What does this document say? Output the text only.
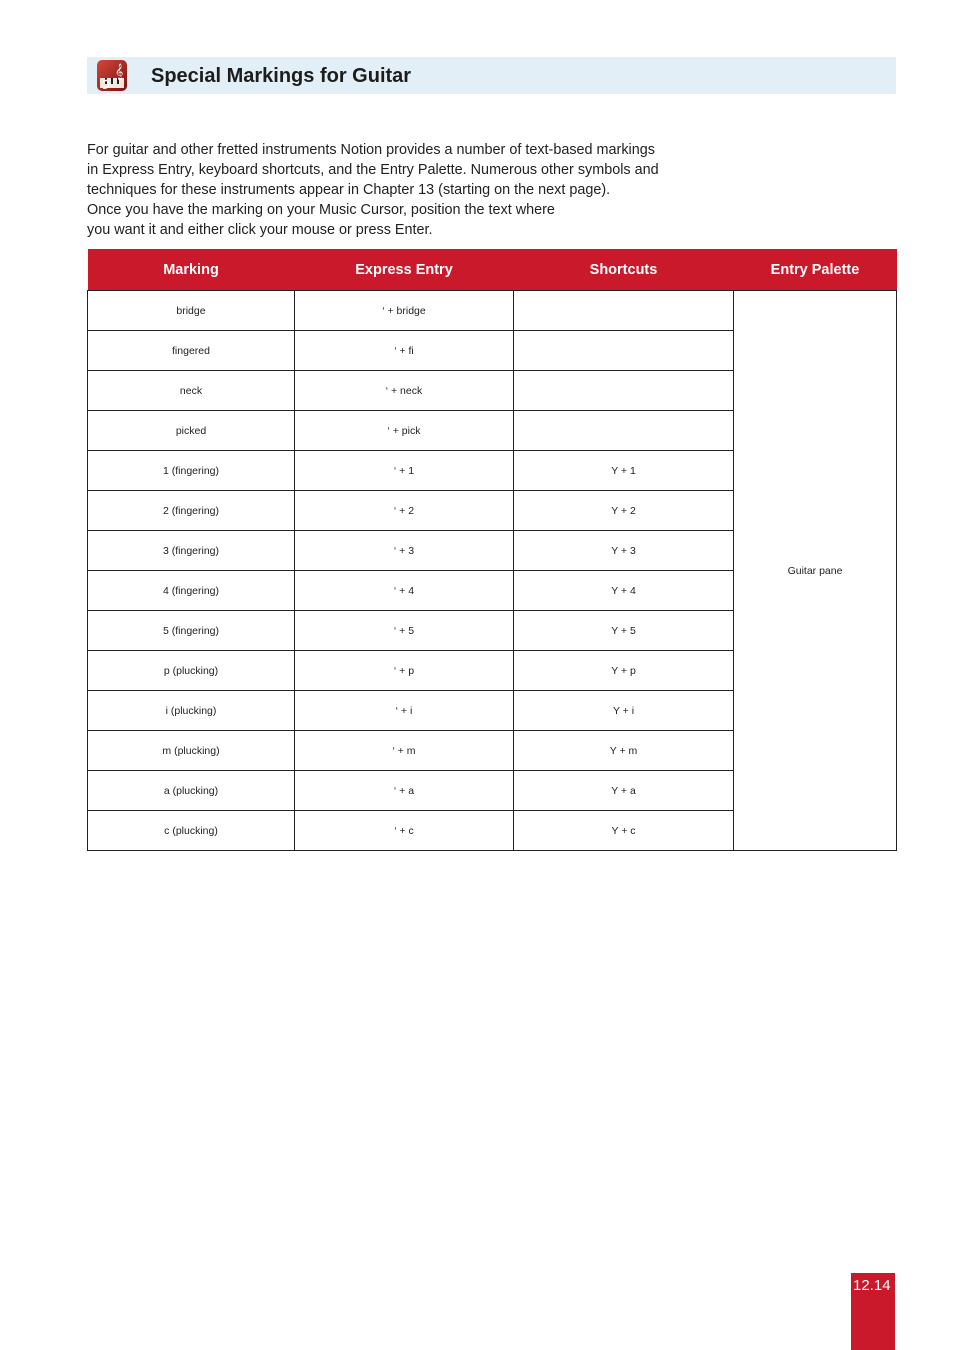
𝄞 Special Markings for Guitar

For guitar and other fretted instruments Notion provides a number of text-based markings

in Express Entry, keyboard shortcuts, and the Entry Palette. Numerous other symbols and

techniques for these instruments appear in Chapter 13 (starting on the next page).

Once you have the marking on your Music Cursor, position the text where

you want it and either click your mouse or press Enter.

Marking	Express Entry	Shortcuts	Entry Palette
bridge	‘ + bridge		Guitar pane
fingered	‘ + fi		
neck	‘ + neck		
picked	‘ + pick		
1 (fingering)	‘ + 1	Y + 1	
2 (fingering)	‘ + 2	Y + 2	
3 (fingering)	‘ + 3	Y + 3	
4 (fingering)	‘ + 4	Y + 4	
5 (fingering)	‘ + 5	Y + 5	
p (plucking)	‘ + p	Y + p	
i (plucking)	‘ + i	Y + i	
m (plucking)	‘ + m	Y + m	
a (plucking)	‘ + a	Y + a	
c (plucking)	‘ + c	Y + c	
12.14
